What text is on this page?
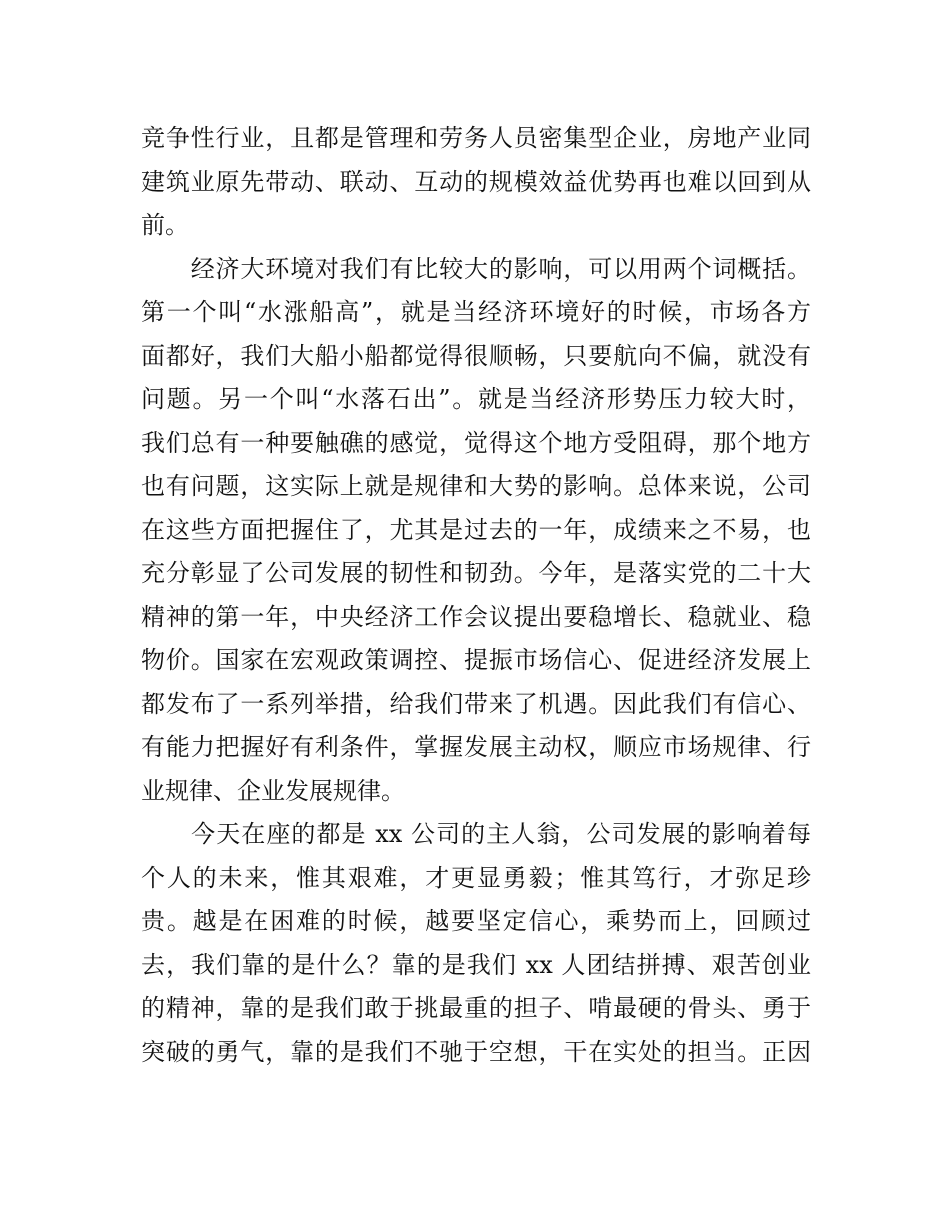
竞争性行业，且都是管理和劳务人员密集型企业，房地产业同
建筑业原先带动、联动、互动的规模效益优势再也难以回到从
前。
　　经济大环境对我们有比较大的影响，可以用两个词概括。
第一个叫“水涨船高”，就是当经济环境好的时候，市场各方
面都好，我们大船小船都觉得很顺畅，只要航向不偏，就没有
问题。另一个叫“水落石出”。就是当经济形势压力较大时，
我们总有一种要触礁的感觉，觉得这个地方受阻碍，那个地方
也有问题，这实际上就是规律和大势的影响。总体来说，公司
在这些方面把握住了，尤其是过去的一年，成绩来之不易，也
充分彰显了公司发展的韧性和韧劲。今年，是落实党的二十大
精神的第一年，中央经济工作会议提出要稳增长、稳就业、稳
物价。国家在宏观政策调控、提振市场信心、促进经济发展上
都发布了一系列举措，给我们带来了机遇。因此我们有信心、
有能力把握好有利条件，掌握发展主动权，顺应市场规律、行
业规律、企业发展规律。
　　今天在座的都是 xx 公司的主人翁，公司发展的影响着每
个人的未来，惟其艰难，才更显勇毅；惟其笃行，才弥足珍
贵。越是在困难的时候，越要坚定信心，乘势而上，回顾过
去，我们靠的是什么？靠的是我们 xx 人团结拼搏、艰苦创业
的精神，靠的是我们敢于挑最重的担子、啃最硬的骨头、勇于
突破的勇气，靠的是我们不驰于空想，干在实处的担当。正因
